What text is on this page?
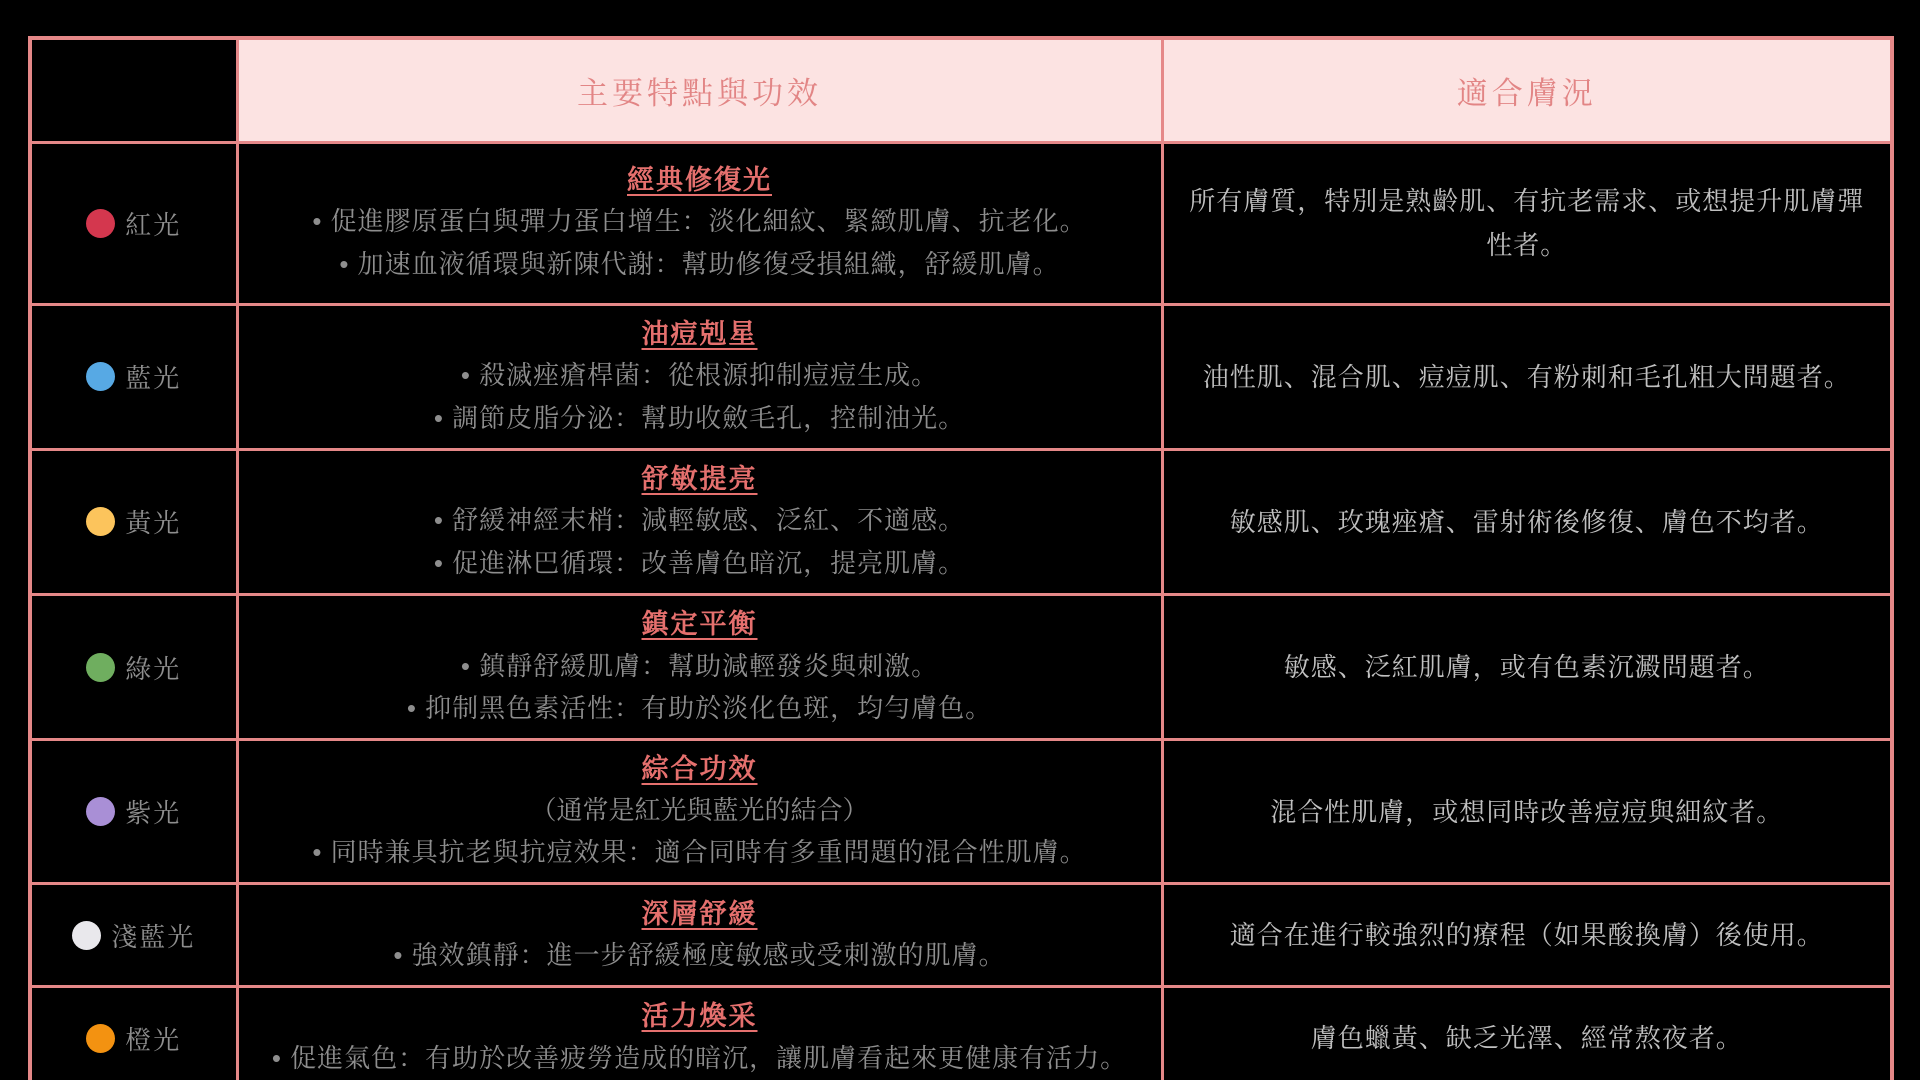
	主要特點與功效	適合膚況

紅光	經典修復光
• 促進膠原蛋白與彈力蛋白增生：淡化細紋、緊緻肌膚、抗老化。
• 加速血液循環與新陳代謝：幫助修復受損組織，舒緩肌膚。	所有膚質，特別是熟齡肌、有抗老需求、或想提升肌膚彈性者。

藍光	油痘剋星
• 殺滅痤瘡桿菌：從根源抑制痘痘生成。
• 調節皮脂分泌：幫助收斂毛孔，控制油光。	油性肌、混合肌、痘痘肌、有粉刺和毛孔粗大問題者。

黃光	舒敏提亮
• 舒緩神經末梢：減輕敏感、泛紅、不適感。
• 促進淋巴循環：改善膚色暗沉，提亮肌膚。	敏感肌、玫瑰痤瘡、雷射術後修復、膚色不均者。

綠光	鎮定平衡
• 鎮靜舒緩肌膚：幫助減輕發炎與刺激。
• 抑制黑色素活性：有助於淡化色斑，均勻膚色。	敏感、泛紅肌膚，或有色素沉澱問題者。

紫光	綜合功效
（通常是紅光與藍光的結合）
• 同時兼具抗老與抗痘效果：適合同時有多重問題的混合性肌膚。	混合性肌膚，或想同時改善痘痘與細紋者。

淺藍光	深層舒緩
• 強效鎮靜：進一步舒緩極度敏感或受刺激的肌膚。	適合在進行較強烈的療程（如果酸換膚）後使用。

橙光	活力煥采
• 促進氣色：有助於改善疲勞造成的暗沉，讓肌膚看起來更健康有活力。	膚色蠟黃、缺乏光澤、經常熬夜者。
